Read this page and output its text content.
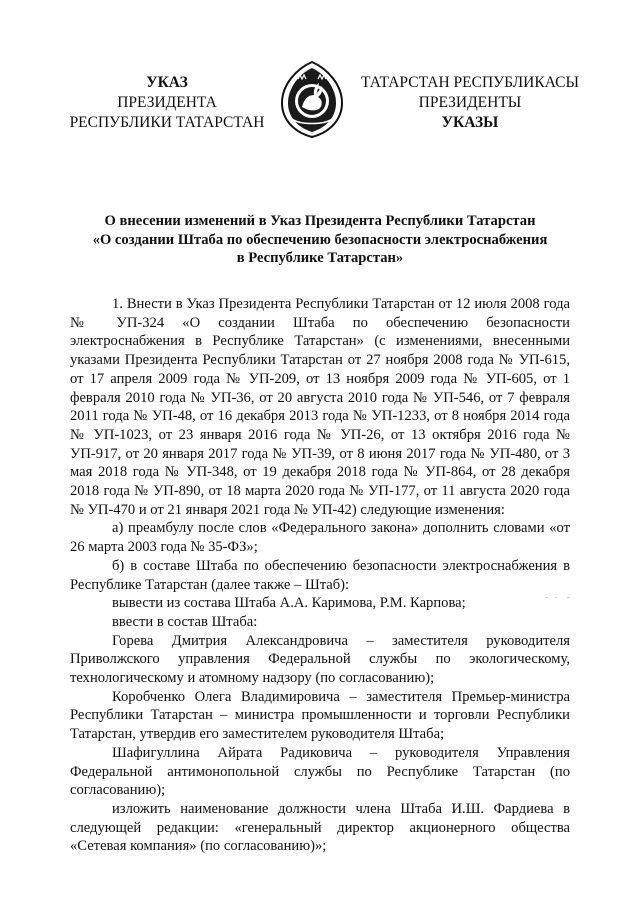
УКАЗ
ПРЕЗИДЕНТА
РЕСПУБЛИКИ ТАТАРСТАН
ТАТАРСТАН РЕСПУБЛИКАСЫ
ПРЕЗИДЕНТЫ
УКАЗЫ
О внесении изменений в Указ Президента Республики Татарстан
«О создании Штаба по обеспечению безопасности электроснабжения
в Республике Татарстан»

1. Внести в Указ Президента Республики Татарстан от 12 июля 2008 года № УП-324 «О создании Штаба по обеспечению безопасности электроснабжения в Республике Татарстан» (с изменениями, внесенными указами Президента Республики Татарстан от 27 ноября 2008 года № УП-615, от 17 апреля 2009 года № УП-209, от 13 ноября 2009 года № УП-605, от 1 февраля 2010 года № УП-36, от 20 августа 2010 года № УП-546, от 7 февраля 2011 года № УП-48, от 16 декабря 2013 года № УП-1233, от 8 ноября 2014 года № УП-1023, от 23 января 2016 года № УП-26, от 13 октября 2016 года № УП-917, от 20 января 2017 года № УП-39, от 8 июня 2017 года № УП-480, от 3 мая 2018 года № УП-348, от 19 декабря 2018 года № УП-864, от 28 декабря 2018 года № УП-890, от 18 марта 2020 года № УП-177, от 11 августа 2020 года № УП-470 и от 21 января 2021 года № УП-42) следующие изменения:

а) преамбулу после слов «Федерального закона» дополнить словами «от 26 марта 2003 года № 35-ФЗ»;

б) в составе Штаба по обеспечению безопасности электроснабжения в Республике Татарстан (далее также – Штаб):

вывести из состава Штаба А.А. Каримова, Р.М. Карпова;

ввести в состав Штаба:

Горева Дмитрия Александровича – заместителя руководителя Приволжского управления Федеральной службы по экологическому, технологическому и атомному надзору (по согласованию);

Коробченко Олега Владимировича – заместителя Премьер-министра Республики Татарстан – министра промышленности и торговли Республики Татарстан, утвердив его заместителем руководителя Штаба;

Шафигуллина Айрата Радиковича – руководителя Управления Федеральной антимонопольной службы по Республике Татарстан (по согласованию);

изложить наименование должности члена Штаба И.Ш. Фардиева в следующей редакции: «генеральный директор акционерного общества «Сетевая компания» (по согласованию)»;
